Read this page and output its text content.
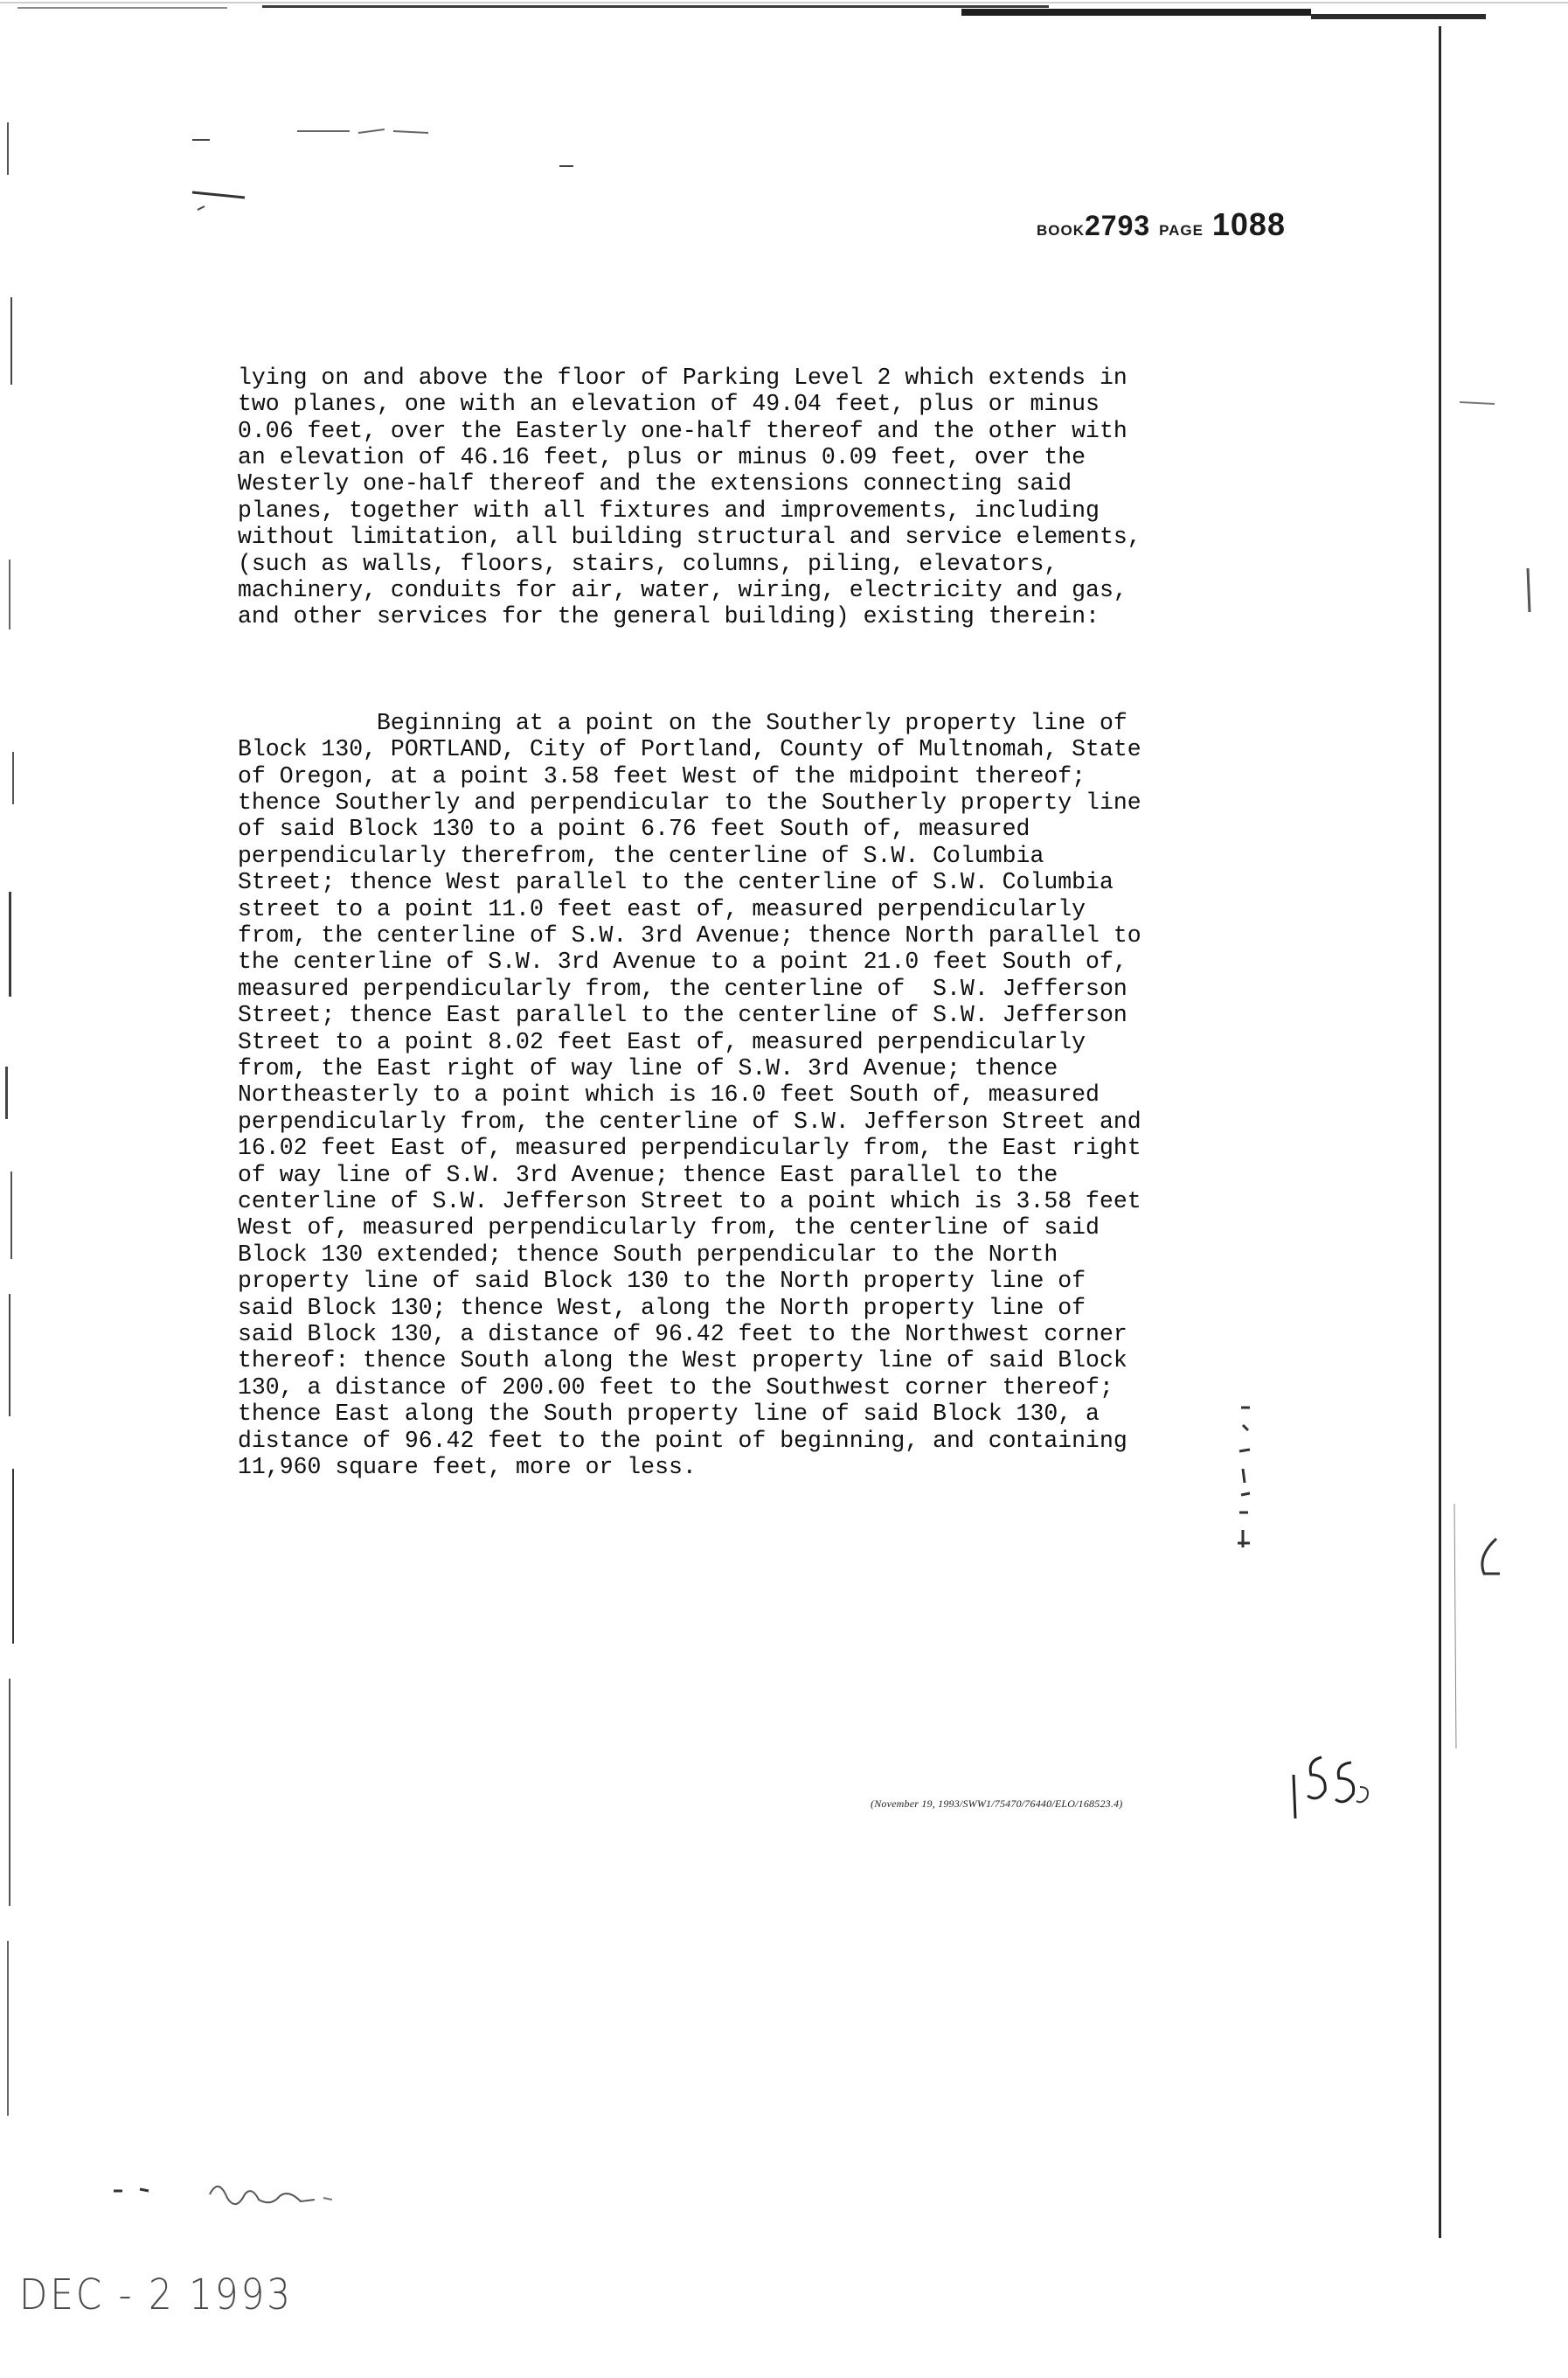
BOOK2793 PAGE 1088

lying on and above the floor of Parking Level 2 which extends in
two planes, one with an elevation of 49.04 feet, plus or minus
0.06 feet, over the Easterly one-half thereof and the other with
an elevation of 46.16 feet, plus or minus 0.09 feet, over the
Westerly one-half thereof and the extensions connecting said
planes, together with all fixtures and improvements, including
without limitation, all building structural and service elements,
(such as walls, floors, stairs, columns, piling, elevators,
machinery, conduits for air, water, wiring, electricity and gas,
and other services for the general building) existing therein:

Beginning at a point on the Southerly property line of
Block 130, PORTLAND, City of Portland, County of Multnomah, State
of Oregon, at a point 3.58 feet West of the midpoint thereof;
thence Southerly and perpendicular to the Southerly property line
of said Block 130 to a point 6.76 feet South of, measured
perpendicularly therefrom, the centerline of S.W. Columbia
Street; thence West parallel to the centerline of S.W. Columbia
street to a point 11.0 feet east of, measured perpendicularly
from, the centerline of S.W. 3rd Avenue; thence North parallel to
the centerline of S.W. 3rd Avenue to a point 21.0 feet South of,
measured perpendicularly from, the centerline of  S.W. Jefferson
Street; thence East parallel to the centerline of S.W. Jefferson
Street to a point 8.02 feet East of, measured perpendicularly
from, the East right of way line of S.W. 3rd Avenue; thence
Northeasterly to a point which is 16.0 feet South of, measured
perpendicularly from, the centerline of S.W. Jefferson Street and
16.02 feet East of, measured perpendicularly from, the East right
of way line of S.W. 3rd Avenue; thence East parallel to the
centerline of S.W. Jefferson Street to a point which is 3.58 feet
West of, measured perpendicularly from, the centerline of said
Block 130 extended; thence South perpendicular to the North
property line of said Block 130 to the North property line of
said Block 130; thence West, along the North property line of
said Block 130, a distance of 96.42 feet to the Northwest corner
thereof: thence South along the West property line of said Block
130, a distance of 200.00 feet to the Southwest corner thereof;
thence East along the South property line of said Block 130, a
distance of 96.42 feet to the point of beginning, and containing
11,960 square feet, more or less.

(November 19, 1993/SWW1/75470/76440/ELO/168523.4)
DEC - 2 1993
